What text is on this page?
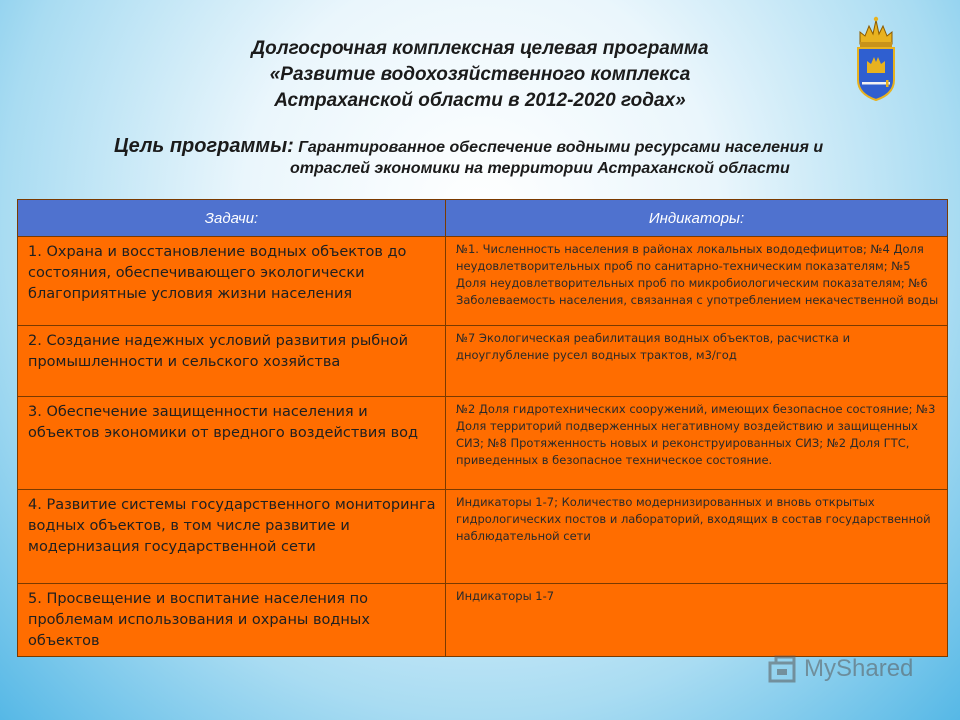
Долгосрочная комплексная целевая программа
«Развитие водохозяйственного комплекса
Астраханской области в 2012-2020 годах»
Цель программы: Гарантированное обеспечение водными ресурсами населения и
отраслей экономики на территории Астраханской области
Задачи:	Индикаторы:
1. Охрана и восстановление водных объектов до состояния, обеспечивающего экологически благоприятные условия жизни населения	№1. Численность населения в районах локальных вододефицитов; №4 Доля неудовлетворительных проб по санитарно-техническим показателям; №5 Доля неудовлетворительных проб по микробиологическим показателям; №6 Заболеваемость населения, связанная с употреблением некачественной воды
2. Создание надежных условий развития рыбной промышленности и сельского хозяйства	№7 Экологическая реабилитация водных объектов, расчистка и дноуглубление русел водных трактов, м3/год
3. Обеспечение защищенности населения и объектов экономики от вредного воздействия вод	№2 Доля гидротехнических сооружений, имеющих безопасное состояние; №3 Доля территорий подверженных негативному воздействию и защищенных СИЗ; №8 Протяженность новых и реконструированных СИЗ; №2 Доля ГТС, приведенных в безопасное техническое состояние.
4. Развитие системы государственного мониторинга водных объектов, в том числе развитие и модернизация государственной сети	Индикаторы 1-7; Количество модернизированных и вновь открытых гидрологических постов и лабораторий, входящих в состав государственной наблюдательной сети
5. Просвещение и воспитание населения по проблемам использования и охраны водных объектов	Индикаторы 1-7
MyShared
